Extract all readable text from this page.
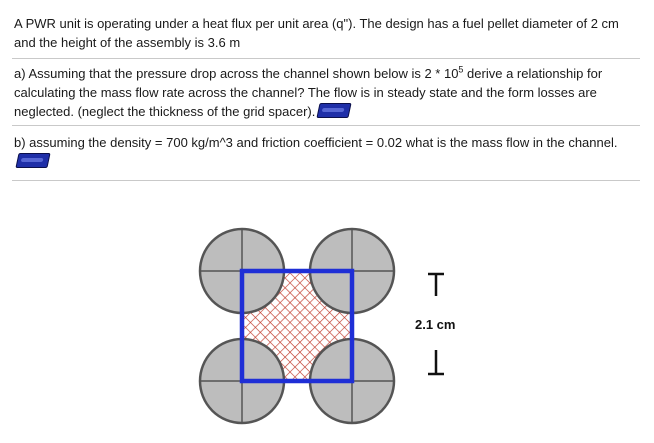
A PWR unit is operating under a heat flux per unit area (q"). The design has a fuel pellet diameter of 2 cm and the height of the assembly is 3.6 m

a) Assuming that the pressure drop across the channel shown below is $2 * 10^5$ derive a relationship for calculating the mass flow rate across the channel? The flow is in steady state and the form losses are neglected. (neglect the thickness of the grid spacer).

b) assuming the density = 700 kg/m^3 and friction coefficient = 0.02 what is the mass flow in the channel.

2.1 cm
